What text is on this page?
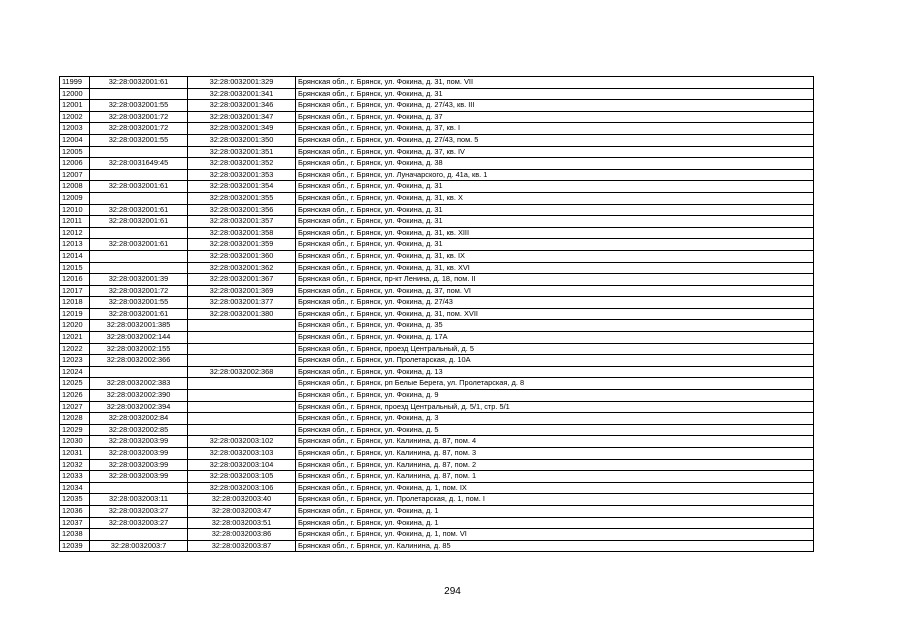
11999	32:28:0032001:61	32:28:0032001:329	Брянская обл., г. Брянск, ул. Фокина, д. 31, пом. VII
12000		32:28:0032001:341	Брянская обл., г. Брянск, ул. Фокина, д. 31
12001	32:28:0032001:55	32:28:0032001:346	Брянская обл., г. Брянск, ул. Фокина, д. 27/43, кв. III
12002	32:28:0032001:72	32:28:0032001:347	Брянская обл., г. Брянск, ул. Фокина, д. 37
12003	32:28:0032001:72	32:28:0032001:349	Брянская обл., г. Брянск, ул. Фокина, д. 37, кв. I
12004	32:28:0032001:55	32:28:0032001:350	Брянская обл., г. Брянск, ул. Фокина, д. 27/43, пом. 5
12005		32:28:0032001:351	Брянская обл., г. Брянск, ул. Фокина, д. 37, кв. IV
12006	32:28:0031649:45	32:28:0032001:352	Брянская обл., г. Брянск, ул. Фокина, д. 38
12007		32:28:0032001:353	Брянская обл., г. Брянск, ул. Луначарского, д. 41а, кв. 1
12008	32:28:0032001:61	32:28:0032001:354	Брянская обл., г. Брянск, ул. Фокина, д. 31
12009		32:28:0032001:355	Брянская обл., г. Брянск, ул. Фокина, д. 31, кв. X
12010	32:28:0032001:61	32:28:0032001:356	Брянская обл., г. Брянск, ул. Фокина, д. 31
12011	32:28:0032001:61	32:28:0032001:357	Брянская обл., г. Брянск, ул. Фокина, д. 31
12012		32:28:0032001:358	Брянская обл., г. Брянск, ул. Фокина, д. 31, кв. XIII
12013	32:28:0032001:61	32:28:0032001:359	Брянская обл., г. Брянск, ул. Фокина, д. 31
12014		32:28:0032001:360	Брянская обл., г. Брянск, ул. Фокина, д. 31, кв. IX
12015		32:28:0032001:362	Брянская обл., г. Брянск, ул. Фокина, д. 31, кв. XVI
12016	32:28:0032001:39	32:28:0032001:367	Брянская обл., г. Брянск, пр-кт Ленина, д. 18, пом. II
12017	32:28:0032001:72	32:28:0032001:369	Брянская обл., г. Брянск, ул. Фокина, д. 37, пом. VI
12018	32:28:0032001:55	32:28:0032001:377	Брянская обл., г. Брянск, ул. Фокина, д. 27/43
12019	32:28:0032001:61	32:28:0032001:380	Брянская обл., г. Брянск, ул. Фокина, д. 31, пом. XVII
12020	32:28:0032001:385		Брянская обл., г. Брянск, ул. Фокина, д. 35
12021	32:28:0032002:144		Брянская обл., г. Брянск, ул. Фокина, д. 17А
12022	32:28:0032002:155		Брянская обл., г. Брянск, проезд Центральный, д. 5
12023	32:28:0032002:366		Брянская обл., г. Брянск, ул. Пролетарская, д. 10А
12024		32:28:0032002:368	Брянская обл., г. Брянск, ул. Фокина, д. 13
12025	32:28:0032002:383		Брянская обл., г. Брянск, рп Белые Берега, ул. Пролетарская, д. 8
12026	32:28:0032002:390		Брянская обл., г. Брянск, ул. Фокина, д. 9
12027	32:28:0032002:394		Брянская обл., г. Брянск, проезд Центральный, д. 5/1, стр. 5/1
12028	32:28:0032002:84		Брянская обл., г. Брянск, ул. Фокина, д. 3
12029	32:28:0032002:85		Брянская обл., г. Брянск, ул. Фокина, д. 5
12030	32:28:0032003:99	32:28:0032003:102	Брянская обл., г. Брянск, ул. Калинина, д. 87, пом. 4
12031	32:28:0032003:99	32:28:0032003:103	Брянская обл., г. Брянск, ул. Калинина, д. 87, пом. 3
12032	32:28:0032003:99	32:28:0032003:104	Брянская обл., г. Брянск, ул. Калинина, д. 87, пом. 2
12033	32:28:0032003:99	32:28:0032003:105	Брянская обл., г. Брянск, ул. Калинина, д. 87, пом. 1
12034		32:28:0032003:106	Брянская обл., г. Брянск, ул. Фокина, д. 1, пом. IX
12035	32:28:0032003:11	32:28:0032003:40	Брянская обл., г. Брянск, ул. Пролетарская, д. 1, пом. I
12036	32:28:0032003:27	32:28:0032003:47	Брянская обл., г. Брянск, ул. Фокина, д. 1
12037	32:28:0032003:27	32:28:0032003:51	Брянская обл., г. Брянск, ул. Фокина, д. 1
12038		32:28:0032003:86	Брянская обл., г. Брянск, ул. Фокина, д. 1, пом. VI
12039	32:28:0032003:7	32:28:0032003:87	Брянская обл., г. Брянск, ул. Калинина, д. 85
294
